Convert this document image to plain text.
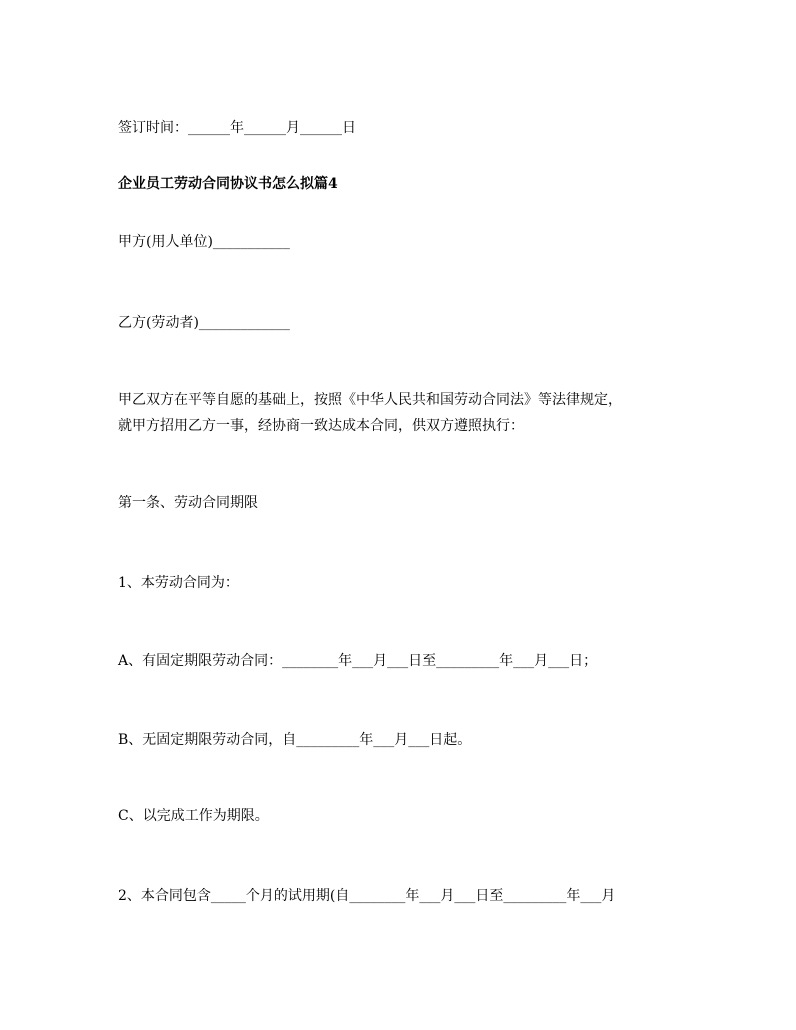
签订时间：______年______月______日
企业员工劳动合同协议书怎么拟篇4
甲方(用人单位)___________
乙方(劳动者)_____________
甲乙双方在平等自愿的基础上，按照《中华人民共和国劳动合同法》等法律规定，
就甲方招用乙方一事，经协商一致达成本合同，供双方遵照执行：
第一条、劳动合同期限
1、本劳动合同为：
A、有固定期限劳动合同：________年___月___日至_________年___月___日；
B、无固定期限劳动合同，自_________年___月___日起。
C、以完成工作为期限。
2、本合同包含_____个月的试用期(自________年___月___日至_________年___月
